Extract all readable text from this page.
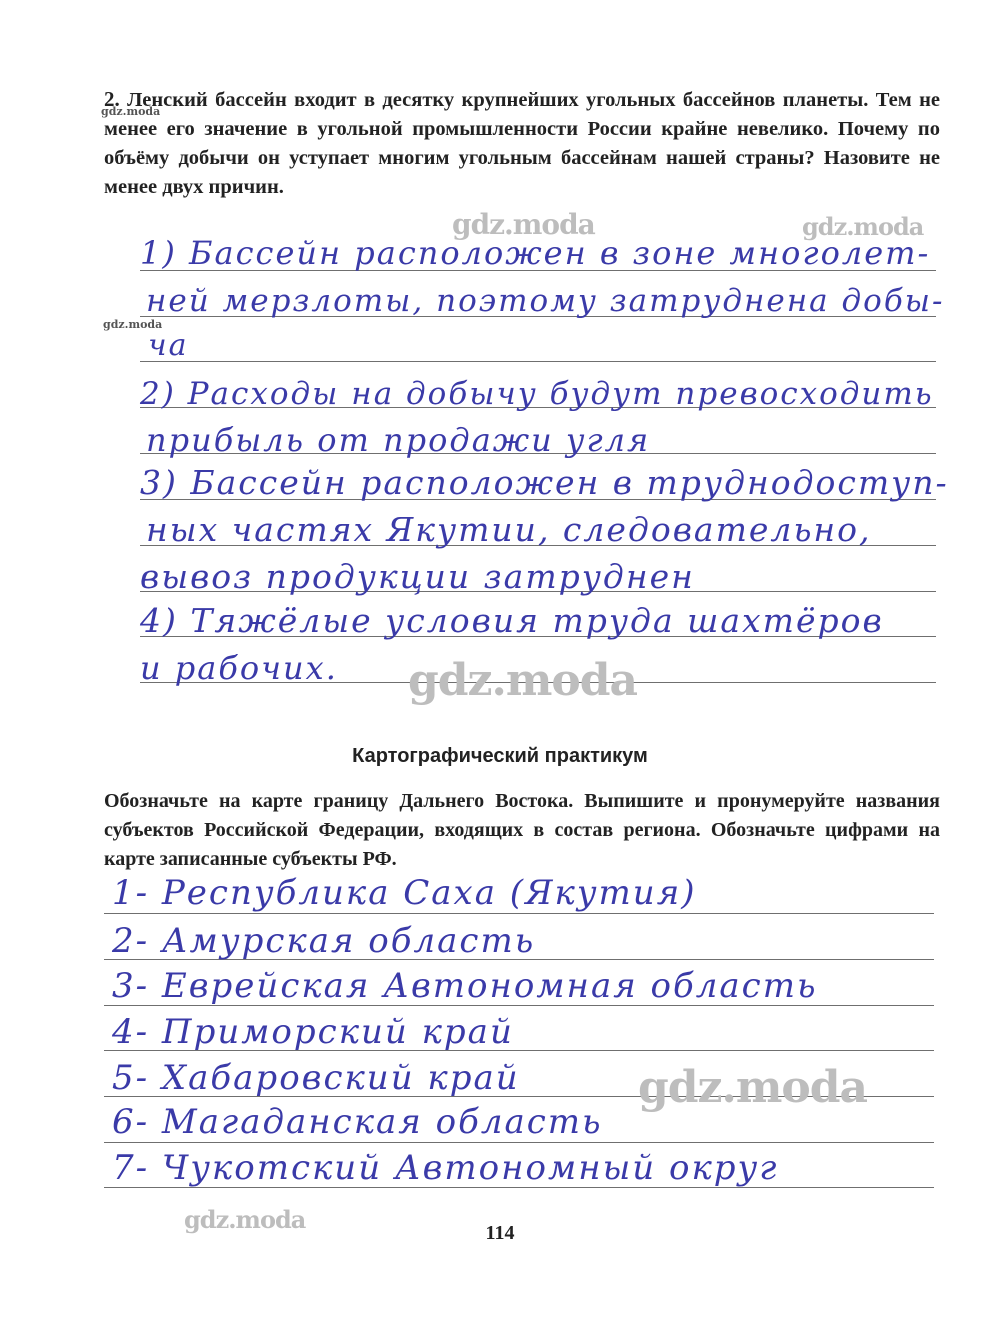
2. Ленский бассейн входит в десятку крупнейших угольных бассейнов планеты. Тем не менее его значение в угольной промышленности России крайне невелико. Почему по объёму добычи он уступает многим угольным бассейнам нашей страны? Назовите не менее двух причин.
1) Бассейн расположен в зоне многолет-
ней мерзлоты, поэтому затруднена добы-
ча
2) Расходы на добычу будут превосходить
прибыль от продажи угля
3) Бассейн расположен в труднодоступ-
ных частях Якутии, следовательно,
вывоз продукции затруднен
4) Тяжёлые условия труда шахтёров
и рабочих.
Картографический практикум
Обозначьте на карте границу Дальнего Востока. Выпишите и пронумеруйте названия субъектов Российской Федерации, входящих в состав региона. Обозначьте цифрами на карте записанные субъекты РФ.
1- Республика Саха (Якутия)
2- Амурская область
3- Еврейская Автономная область
4- Приморский край
5- Хабаровский край
6- Магаданская область
7- Чукотский Автономный округ
gdz.moda
gdz.moda	gdz.moda
gdz.moda
gdz.moda
gdz.moda
gdz.moda	114
